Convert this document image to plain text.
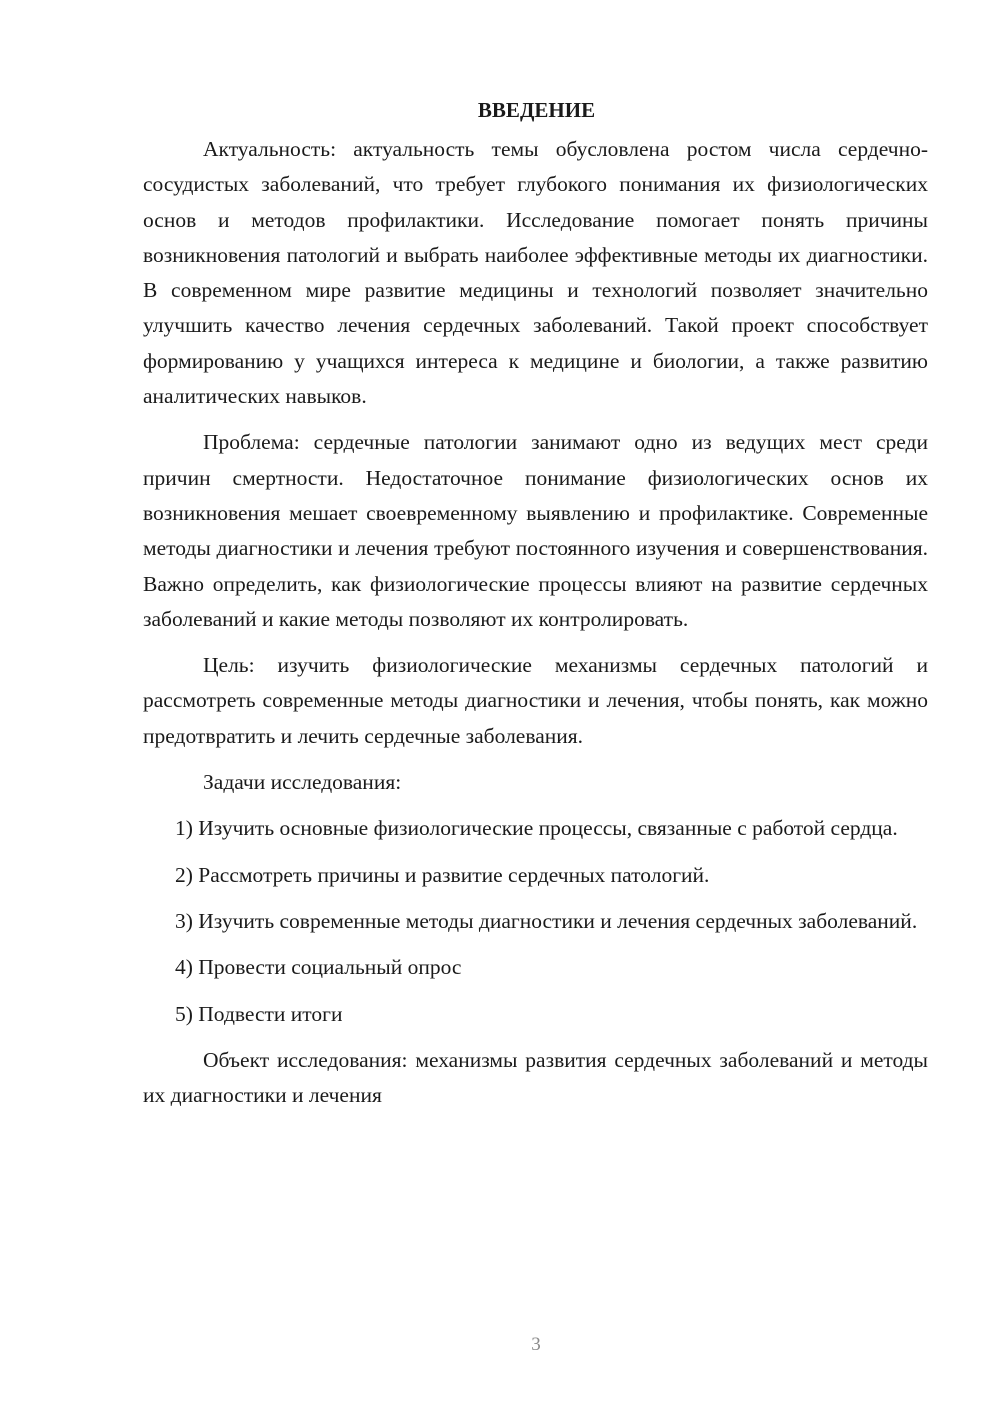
ВВЕДЕНИЕ

Актуальность: актуальность темы обусловлена ростом числа сердечно-сосудистых заболеваний, что требует глубокого понимания их физиологических основ и методов профилактики. Исследование помогает понять причины возникновения патологий и выбрать наиболее эффективные методы их диагностики. В современном мире развитие медицины и технологий позволяет значительно улучшить качество лечения сердечных заболеваний. Такой проект способствует формированию у учащихся интереса к медицине и биологии, а также развитию аналитических навыков.

Проблема: сердечные патологии занимают одно из ведущих мест среди причин смертности. Недостаточное понимание физиологических основ их возникновения мешает своевременному выявлению и профилактике. Современные методы диагностики и лечения требуют постоянного изучения и совершенствования. Важно определить, как физиологические процессы влияют на развитие сердечных заболеваний и какие методы позволяют их контролировать.

Цель: изучить физиологические механизмы сердечных патологий и рассмотреть современные методы диагностики и лечения, чтобы понять, как можно предотвратить и лечить сердечные заболевания.

Задачи исследования:

1) Изучить основные физиологические процессы, связанные с работой сердца.

2) Рассмотреть причины и развитие сердечных патологий.

3) Изучить современные методы диагностики и лечения сердечных заболеваний.

4) Провести социальный опрос

5) Подвести итоги

Объект исследования: механизмы развития сердечных заболеваний и методы их диагностики и лечения

3
